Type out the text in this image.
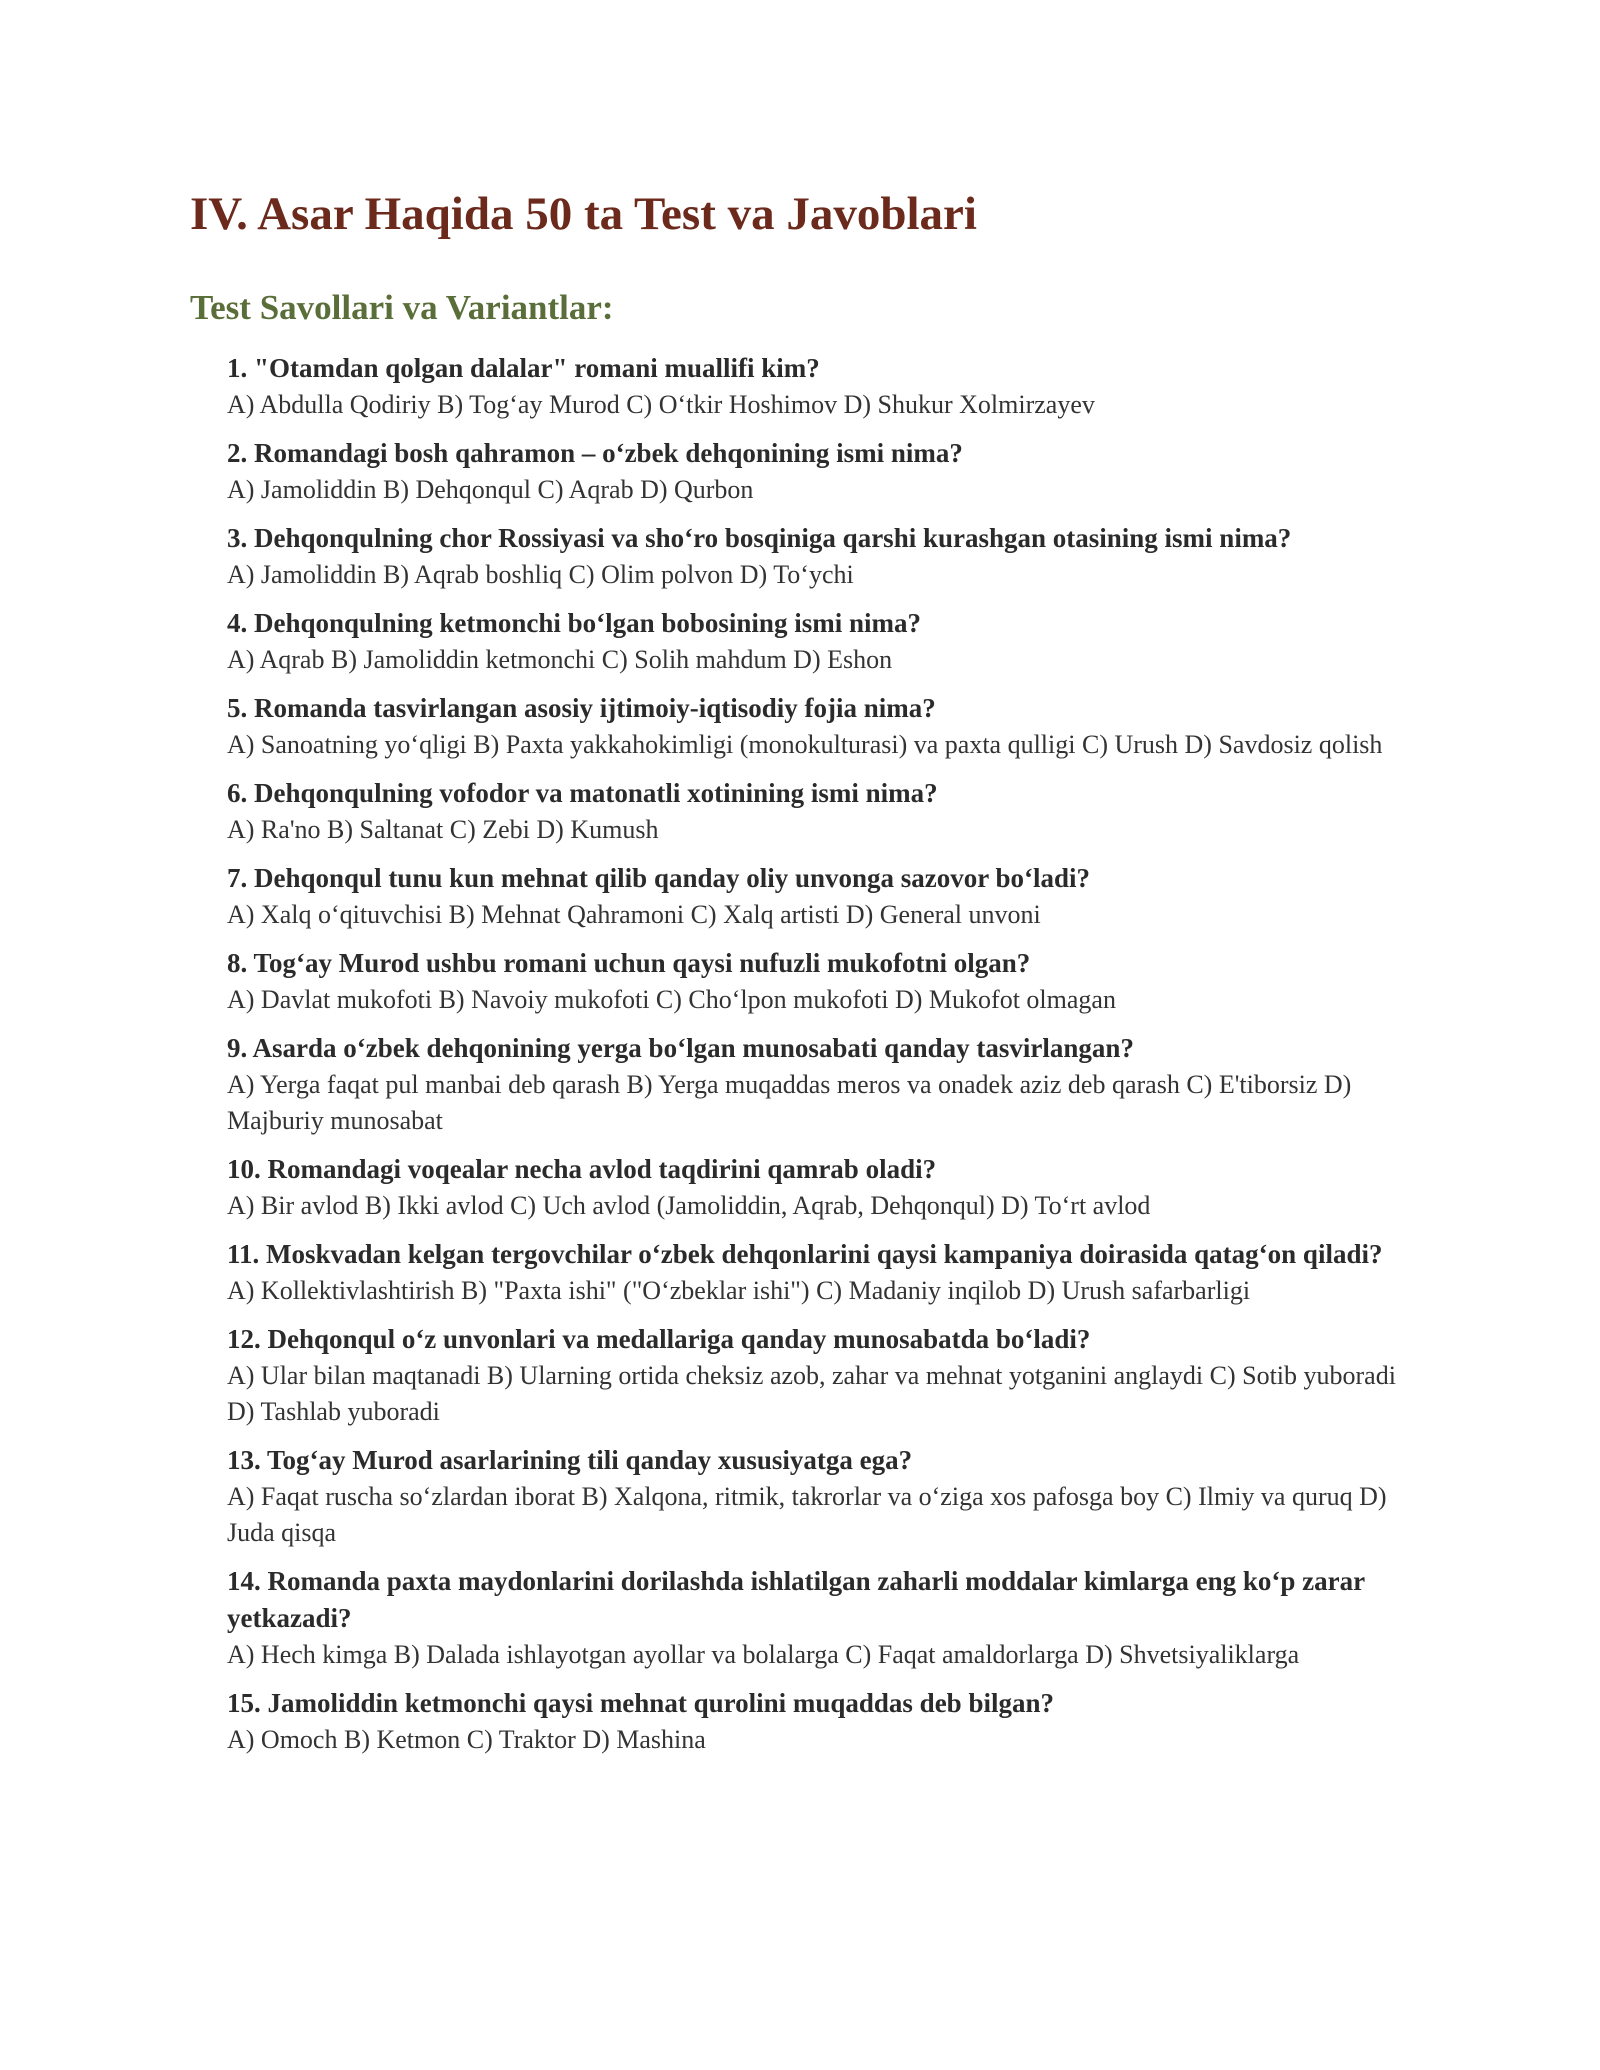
IV. Asar Haqida 50 ta Test va Javoblari
Test Savollari va Variantlar:
1. "Otamdan qolgan dalalar" romani muallifi kim?
A) Abdulla Qodiriy B) Tog‘ay Murod C) O‘tkir Hoshimov D) Shukur Xolmirzayev
2. Romandagi bosh qahramon – o‘zbek dehqonining ismi nima?
A) Jamoliddin B) Dehqonqul C) Aqrab D) Qurbon
3. Dehqonqulning chor Rossiyasi va sho‘ro bosqiniga qarshi kurashgan otasining ismi nima?
A) Jamoliddin B) Aqrab boshliq C) Olim polvon D) To‘ychi
4. Dehqonqulning ketmonchi bo‘lgan bobosining ismi nima?
A) Aqrab B) Jamoliddin ketmonchi C) Solih mahdum D) Eshon
5. Romanda tasvirlangan asosiy ijtimoiy-iqtisodiy fojia nima?
A) Sanoatning yo‘qligi B) Paxta yakkahokimligi (monokulturasi) va paxta qulligi C) Urush D) Savdosiz qolish
6. Dehqonqulning vofodor va matonatli xotinining ismi nima?
A) Ra'no B) Saltanat C) Zebi D) Kumush
7. Dehqonqul tunu kun mehnat qilib qanday oliy unvonga sazovor bo‘ladi?
A) Xalq o‘qituvchisi B) Mehnat Qahramoni C) Xalq artisti D) General unvoni
8. Tog‘ay Murod ushbu romani uchun qaysi nufuzli mukofotni olgan?
A) Davlat mukofoti B) Navoiy mukofoti C) Cho‘lpon mukofoti D) Mukofot olmagan
9. Asarda o‘zbek dehqonining yerga bo‘lgan munosabati qanday tasvirlangan?
A) Yerga faqat pul manbai deb qarash B) Yerga muqaddas meros va onadek aziz deb qarash C) E'tiborsiz D) Majburiy munosabat
10. Romandagi voqealar necha avlod taqdirini qamrab oladi?
A) Bir avlod B) Ikki avlod C) Uch avlod (Jamoliddin, Aqrab, Dehqonqul) D) To‘rt avlod
11. Moskvadan kelgan tergovchilar o‘zbek dehqonlarini qaysi kampaniya doirasida qatag‘on qiladi?
A) Kollektivlashtirish B) "Paxta ishi" ("O‘zbeklar ishi") C) Madaniy inqilob D) Urush safarbarligi
12. Dehqonqul o‘z unvonlari va medallariga qanday munosabatda bo‘ladi?
A) Ular bilan maqtanadi B) Ularning ortida cheksiz azob, zahar va mehnat yotganini anglaydi C) Sotib yuboradi D) Tashlab yuboradi
13. Tog‘ay Murod asarlarining tili qanday xususiyatga ega?
A) Faqat ruscha so‘zlardan iborat B) Xalqona, ritmik, takrorlar va o‘ziga xos pafosga boy C) Ilmiy va quruq D) Juda qisqa
14. Romanda paxta maydonlarini dorilashda ishlatilgan zaharli moddalar kimlarga eng ko‘p zarar yetkazadi?
A) Hech kimga B) Dalada ishlayotgan ayollar va bolalarga C) Faqat amaldorlarga D) Shvetsiyaliklarga
15. Jamoliddin ketmonchi qaysi mehnat qurolini muqaddas deb bilgan?
A) Omoch B) Ketmon C) Traktor D) Mashina
